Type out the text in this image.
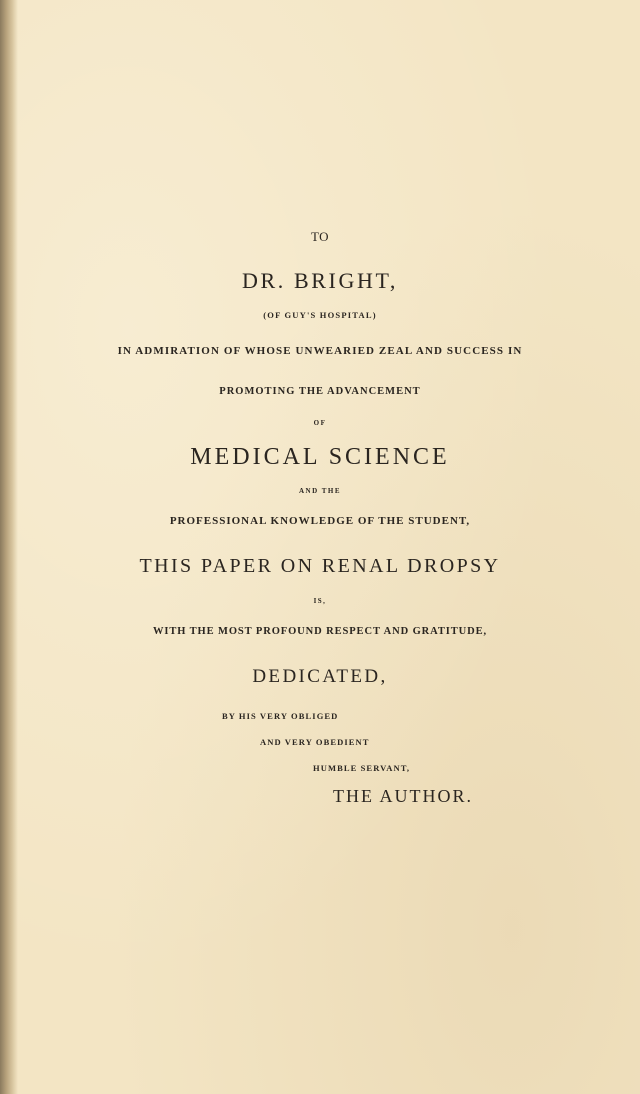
TO
DR. BRIGHT,
(OF GUY'S HOSPITAL)
IN ADMIRATION OF WHOSE UNWEARIED ZEAL AND SUCCESS IN
PROMOTING THE ADVANCEMENT
OF
MEDICAL SCIENCE
AND THE
PROFESSIONAL KNOWLEDGE OF THE STUDENT,
THIS PAPER ON RENAL DROPSY
IS,
WITH THE MOST PROFOUND RESPECT AND GRATITUDE,
DEDICATED,
BY HIS VERY OBLIGED
AND VERY OBEDIENT
HUMBLE SERVANT,
THE AUTHOR.
